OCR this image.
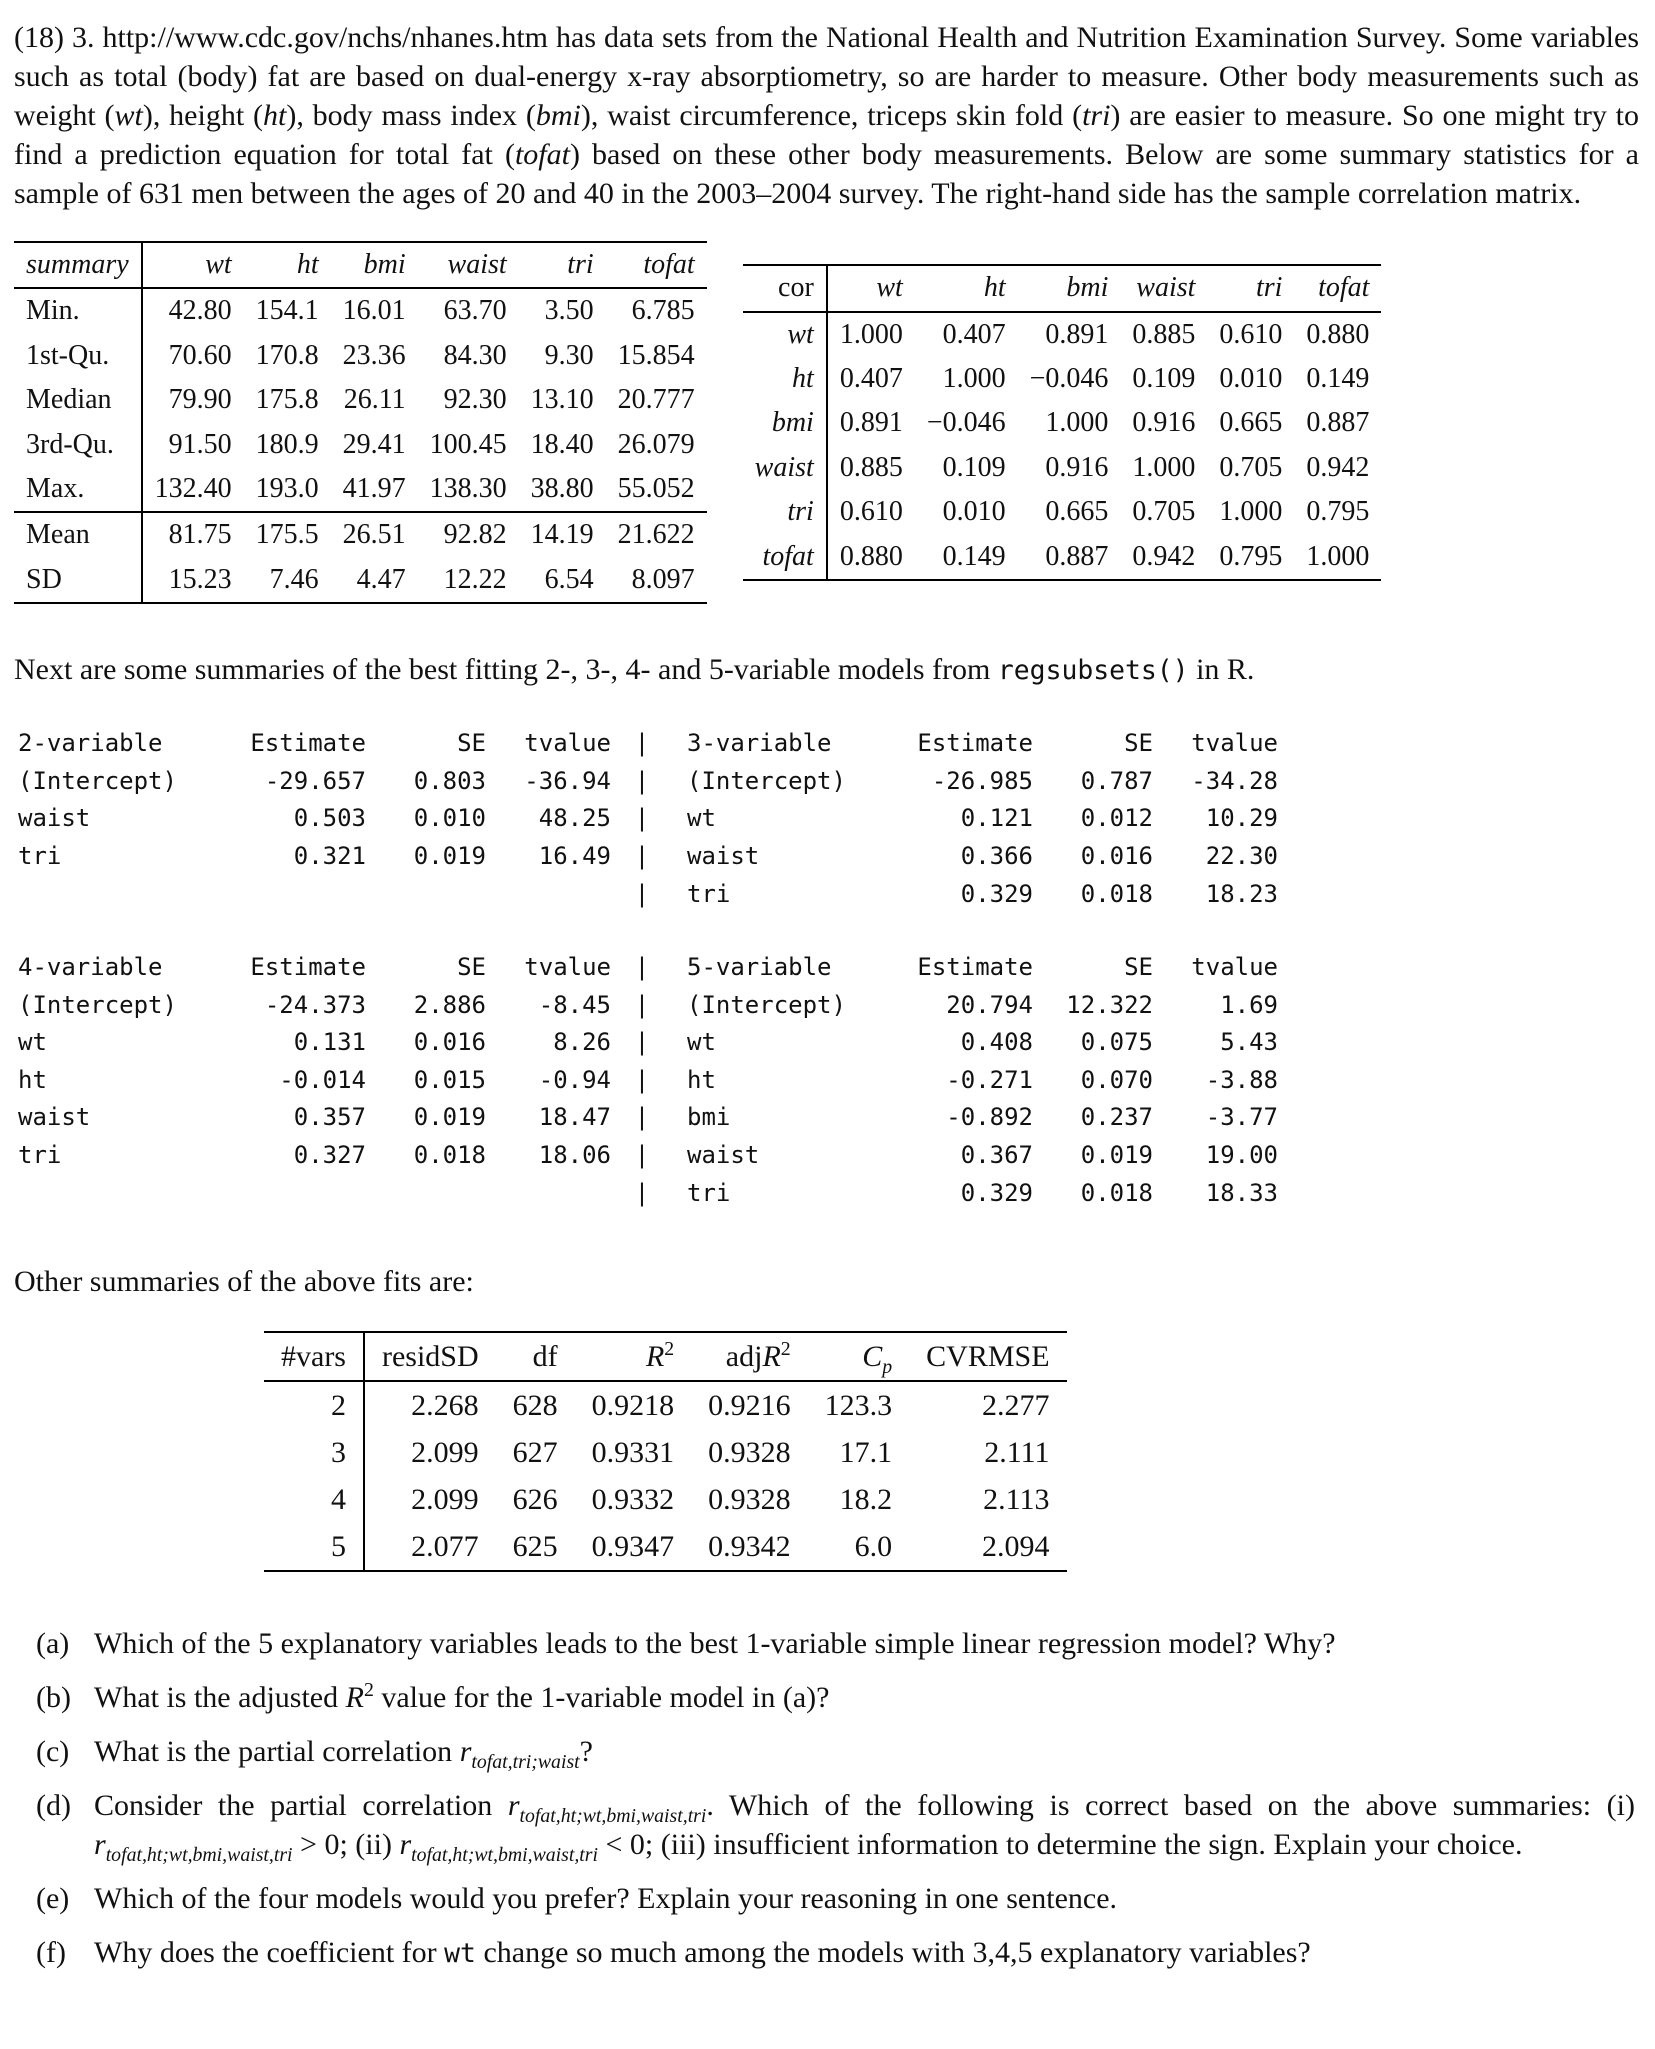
(18) 3. http://www.cdc.gov/nchs/nhanes.htm has data sets from the National Health and Nutrition Examination Survey. Some variables such as total (body) fat are based on dual-energy x-ray absorptiometry, so are harder to measure. Other body measurements such as weight (wt), height (ht), body mass index (bmi), waist circumference, triceps skin fold (tri) are easier to measure. So one might try to find a prediction equation for total fat (tofat) based on these other body measurements. Below are some summary statistics for a sample of 631 men between the ages of 20 and 40 in the 2003–2004 survey. The right-hand side has the sample correlation matrix.

summary	wt	ht	bmi	waist	tri	tofat
Min.	42.80	154.1	16.01	63.70	3.50	6.785
1st-Qu.	70.60	170.8	23.36	84.30	9.30	15.854
Median	79.90	175.8	26.11	92.30	13.10	20.777
3rd-Qu.	91.50	180.9	29.41	100.45	18.40	26.079
Max.	132.40	193.0	41.97	138.30	38.80	55.052
Mean	81.75	175.5	26.51	92.82	14.19	21.622
SD	15.23	7.46	4.47	12.22	6.54	8.097
cor	wt	ht	bmi	waist	tri	tofat
wt	1.000	0.407	0.891	0.885	0.610	0.880
ht	0.407	1.000	−0.046	0.109	0.010	0.149
bmi	0.891	−0.046	1.000	0.916	0.665	0.887
waist	0.885	0.109	0.916	1.000	0.705	0.942
tri	0.610	0.010	0.665	0.705	1.000	0.795
tofat	0.880	0.149	0.887	0.942	0.795	1.000

Next are some summaries of the best fitting 2-, 3-, 4- and 5-variable models from regsubsets() in R.

2-variable	Estimate	SE	tvalue	|	3-variable	Estimate	SE	tvalue
(Intercept)	-29.657	0.803	-36.94	|	(Intercept)	-26.985	0.787	-34.28
waist	0.503	0.010	48.25	|	wt	0.121	0.012	10.29
tri	0.321	0.019	16.49	|	waist	0.366	0.016	22.30
				|	tri	0.329	0.018	18.23
4-variable	Estimate	SE	tvalue	|	5-variable	Estimate	SE	tvalue
(Intercept)	-24.373	2.886	-8.45	|	(Intercept)	20.794	12.322	1.69
wt	0.131	0.016	8.26	|	wt	0.408	0.075	5.43
ht	-0.014	0.015	-0.94	|	ht	-0.271	0.070	-3.88
waist	0.357	0.019	18.47	|	bmi	-0.892	0.237	-3.77
tri	0.327	0.018	18.06	|	waist	0.367	0.019	19.00
				|	tri	0.329	0.018	18.33

Other summaries of the above fits are:

#vars	residSD	df	$R^2$	adjR$^2$	$C_p$	CVRMSE
2	2.268	628	0.9218	0.9216	123.3	2.277
3	2.099	627	0.9331	0.9328	17.1	2.111
4	2.099	626	0.9332	0.9328	18.2	2.113
5	2.077	625	0.9347	0.9342	6.0	2.094
(a) Which of the 5 explanatory variables leads to the best 1-variable simple linear regression model? Why?
(b) What is the adjusted $R^2$ value for the 1-variable model in (a)?
(c) What is the partial correlation $r_{tofat,tri;waist}$?
(d) Consider the partial correlation $r_{tofat,ht;wt,bmi,waist,tri}$. Which of the following is correct based on the above summaries: (i) $r_{tofat,ht;wt,bmi,waist,tri} > 0$; (ii) $r_{tofat,ht;wt,bmi,waist,tri} < 0$; (iii) insufficient information to determine the sign. Explain your choice.
(e) Which of the four models would you prefer? Explain your reasoning in one sentence.
(f) Why does the coefficient for wt change so much among the models with 3,4,5 explanatory variables?
